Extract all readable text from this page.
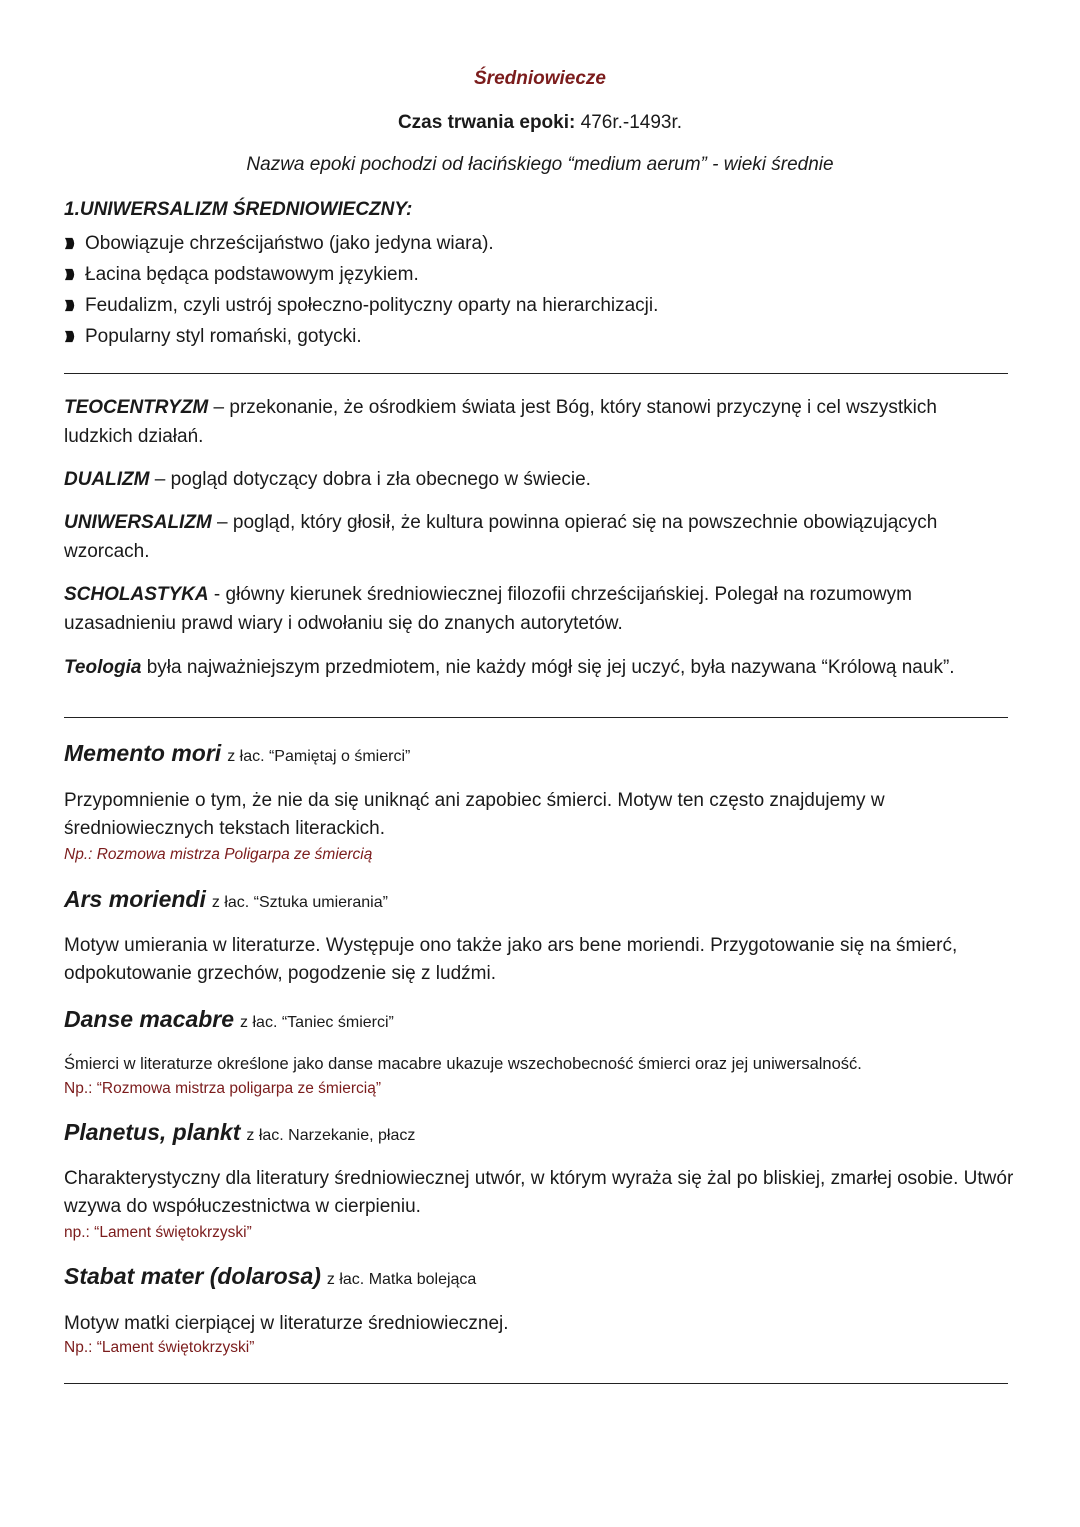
Średniowiecze
Czas trwania epoki: 476r.-1493r.
Nazwa epoki pochodzi od łacińskiego “medium aerum” - wieki średnie
1.UNIWERSALIZM ŚREDNIOWIECZNY:
Obowiązuje chrześcijaństwo (jako jedyna wiara).
Łacina będąca podstawowym językiem.
Feudalizm, czyli ustrój społeczno-polityczny oparty na hierarchizacji.
Popularny styl romański, gotycki.
TEOCENTRYZM – przekonanie, że ośrodkiem świata jest Bóg, który stanowi przyczynę i cel wszystkich ludzkich działań.
DUALIZM – pogląd dotyczący dobra i zła obecnego w świecie.
UNIWERSALIZM – pogląd, który głosił, że kultura powinna opierać się na powszechnie obowiązujących wzorcach.
SCHOLASTYKA - główny kierunek średniowiecznej filozofii chrześcijańskiej. Polegał na rozumowym uzasadnieniu prawd wiary i odwołaniu się do znanych autorytetów.
Teologia była najważniejszym przedmiotem, nie każdy mógł się jej uczyć, była nazywana “Królową nauk”.
Memento mori z łac. “Pamiętaj o śmierci”
Przypomnienie o tym, że nie da się uniknąć ani zapobiec śmierci. Motyw ten często znajdujemy w średniowiecznych tekstach literackich.
Np.: Rozmowa mistrza Poligarpa ze śmiercią
Ars moriendi z łac. “Sztuka umierania”
Motyw umierania w literaturze. Występuje ono także jako ars bene moriendi. Przygotowanie się na śmierć, odpokutowanie grzechów, pogodzenie się z ludźmi.
Danse macabre z łac. “Taniec śmierci”
Śmierci w literaturze określone jako danse macabre ukazuje wszechobecność śmierci oraz jej uniwersalność.
Np.: “Rozmowa mistrza poligarpa ze śmiercią”
Planetus, plankt z łac. Narzekanie, płacz
Charakterystyczny dla literatury średniowiecznej utwór, w którym wyraża się żal po bliskiej, zmarłej osobie. Utwór wzywa do współuczestnictwa w cierpieniu.
np.: “Lament świętokrzyski”
Stabat mater (dolarosa) z łac. Matka bolejąca
Motyw matki cierpiącej w literaturze średniowiecznej.
Np.: “Lament świętokrzyski”
